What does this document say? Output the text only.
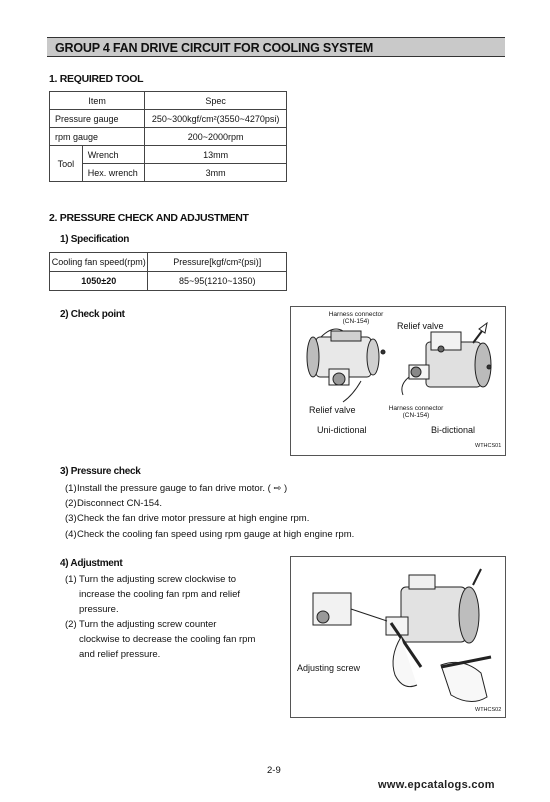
GROUP 4 FAN DRIVE CIRCUIT FOR COOLING SYSTEM
1. REQUIRED TOOL
Item		Spec
Pressure gauge		250~300kgf/cm²(3550~4270psi)
rpm gauge		200~2000rpm
Tool	Wrench	13mm
	Hex. wrench	3mm
2. PRESSURE CHECK AND ADJUSTMENT
1) Specification
Cooling fan speed(rpm)	Pressure[kgf/cm²(psi)]
1050±20	85~95(1210~1350)
2) Check point	Harness connector
(CN-154)	Relief valve
Relief valve	Harness connector
(CN-154)
Uni-dictional	Bi-dictional
WTHCS01
3) Pressure check
(1) Install the pressure gauge to fan drive motor. ( ⇨ )
(2) Disconnect CN-154.
(3) Check the fan drive motor pressure at high engine rpm.
(4) Check the cooling fan speed using rpm gauge at high engine rpm.
4) Adjustment
(1) Turn the adjusting screw clockwise to
increase the cooling fan rpm and relief
pressure.
(2) Turn the adjusting screw counter
clockwise to decrease the cooling fan rpm
and relief pressure.
Adjusting screw
WTHCS02
2-9
www.epcatalogs.com
